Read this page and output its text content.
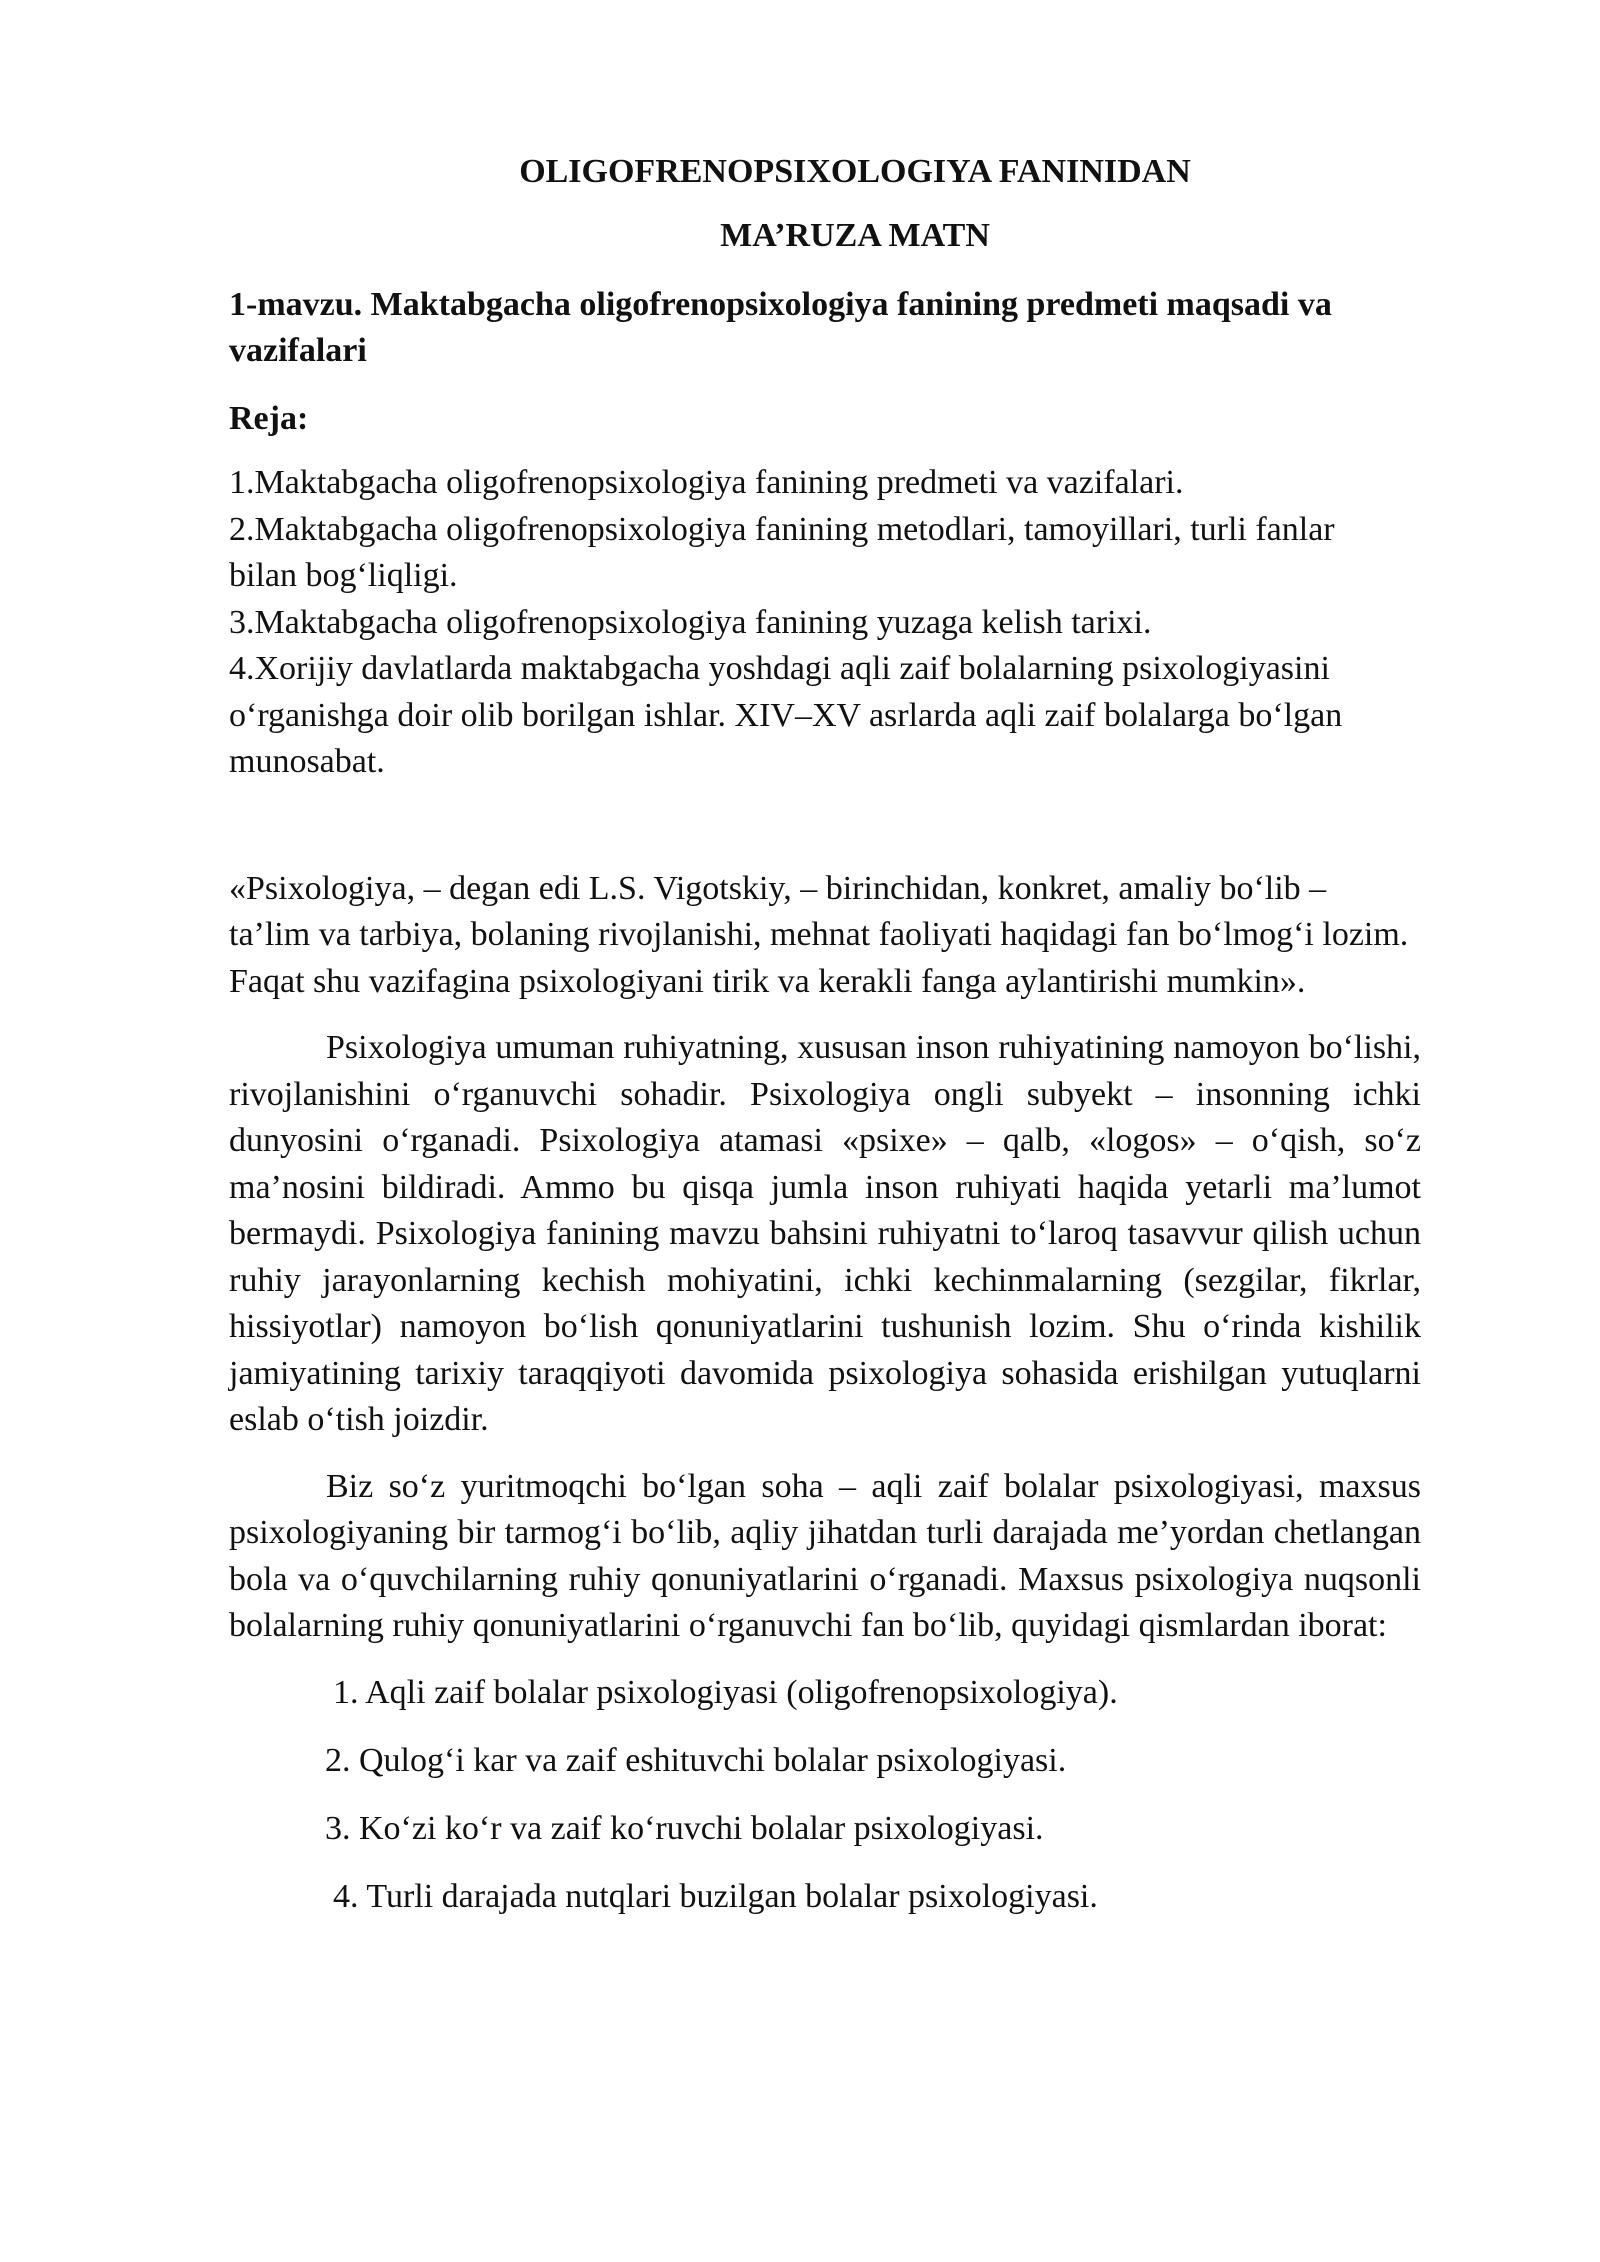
OLIGOFRENOPSIXOLOGIYA FANINIDAN
MA’RUZA MATN

1-mavzu. Maktabgacha oligofrenopsixologiya fanining predmeti maqsadi va vazifalari

Reja:

1.Maktabgacha oligofrenopsixologiya fanining predmeti va vazifalari.
2.Maktabgacha oligofrenopsixologiya fanining metodlari, tamoyillari, turli fanlar bilan bog‘liqligi.
3.Maktabgacha oligofrenopsixologiya fanining yuzaga kelish tarixi.
4.Xorijiy davlatlarda maktabgacha yoshdagi aqli zaif bolalarning psixologiyasini o‘rganishga doir olib borilgan ishlar. XIV–XV asrlarda aqli zaif bolalarga bo‘lgan munosabat.

«Psixologiya, – degan edi L.S. Vigotskiy, – birinchidan, konkret, amaliy bo‘lib – ta’lim va tarbiya, bolaning rivojlanishi, mehnat faoliyati haqidagi fan bo‘lmog‘i lozim. Faqat shu vazifagina psixologiyani tirik va kerakli fanga aylantirishi mumkin».

Psixologiya umuman ruhiyatning, xususan inson ruhiyatining namoyon bo‘lishi, rivojlanishini o‘rganuvchi sohadir. Psixologiya ongli subyekt – insonning ichki dunyosini o‘rganadi. Psixologiya atamasi «psixe» – qalb, «logos» – o‘qish, so‘z ma’nosini bildiradi. Ammo bu qisqa jumla inson ruhiyati haqida yetarli ma’lumot bermaydi. Psixologiya fanining mavzu bahsini ruhiyatni to‘laroq tasavvur qilish uchun ruhiy jarayonlarning kechish mohiyatini, ichki kechinmalarning (sezgilar, fikrlar, hissiyotlar) namoyon bo‘lish qonuniyatlarini tushunish lozim. Shu o‘rinda kishilik jamiyatining tarixiy taraqqiyoti davomida psixologiya sohasida erishilgan yutuqlarni eslab o‘tish joizdir.

Biz so‘z yuritmoqchi bo‘lgan soha – aqli zaif bolalar psixologiyasi, maxsus psixologiyaning bir tarmog‘i bo‘lib, aqliy jihatdan turli darajada me’yordan chetlangan bola va o‘quvchilarning ruhiy qonuniyatlarini o‘rganadi. Maxsus psixologiya nuqsonli bolalarning ruhiy qonuniyatlarini o‘rganuvchi fan bo‘lib, quyidagi qismlardan iborat:

1. Aqli zaif bolalar psixologiyasi (oligofrenopsixologiya).
2. Qulog‘i kar va zaif eshituvchi bolalar psixologiyasi.
3. Ko‘zi ko‘r va zaif ko‘ruvchi bolalar psixologiyasi.
4. Turli darajada nutqlari buzilgan bolalar psixologiyasi.
